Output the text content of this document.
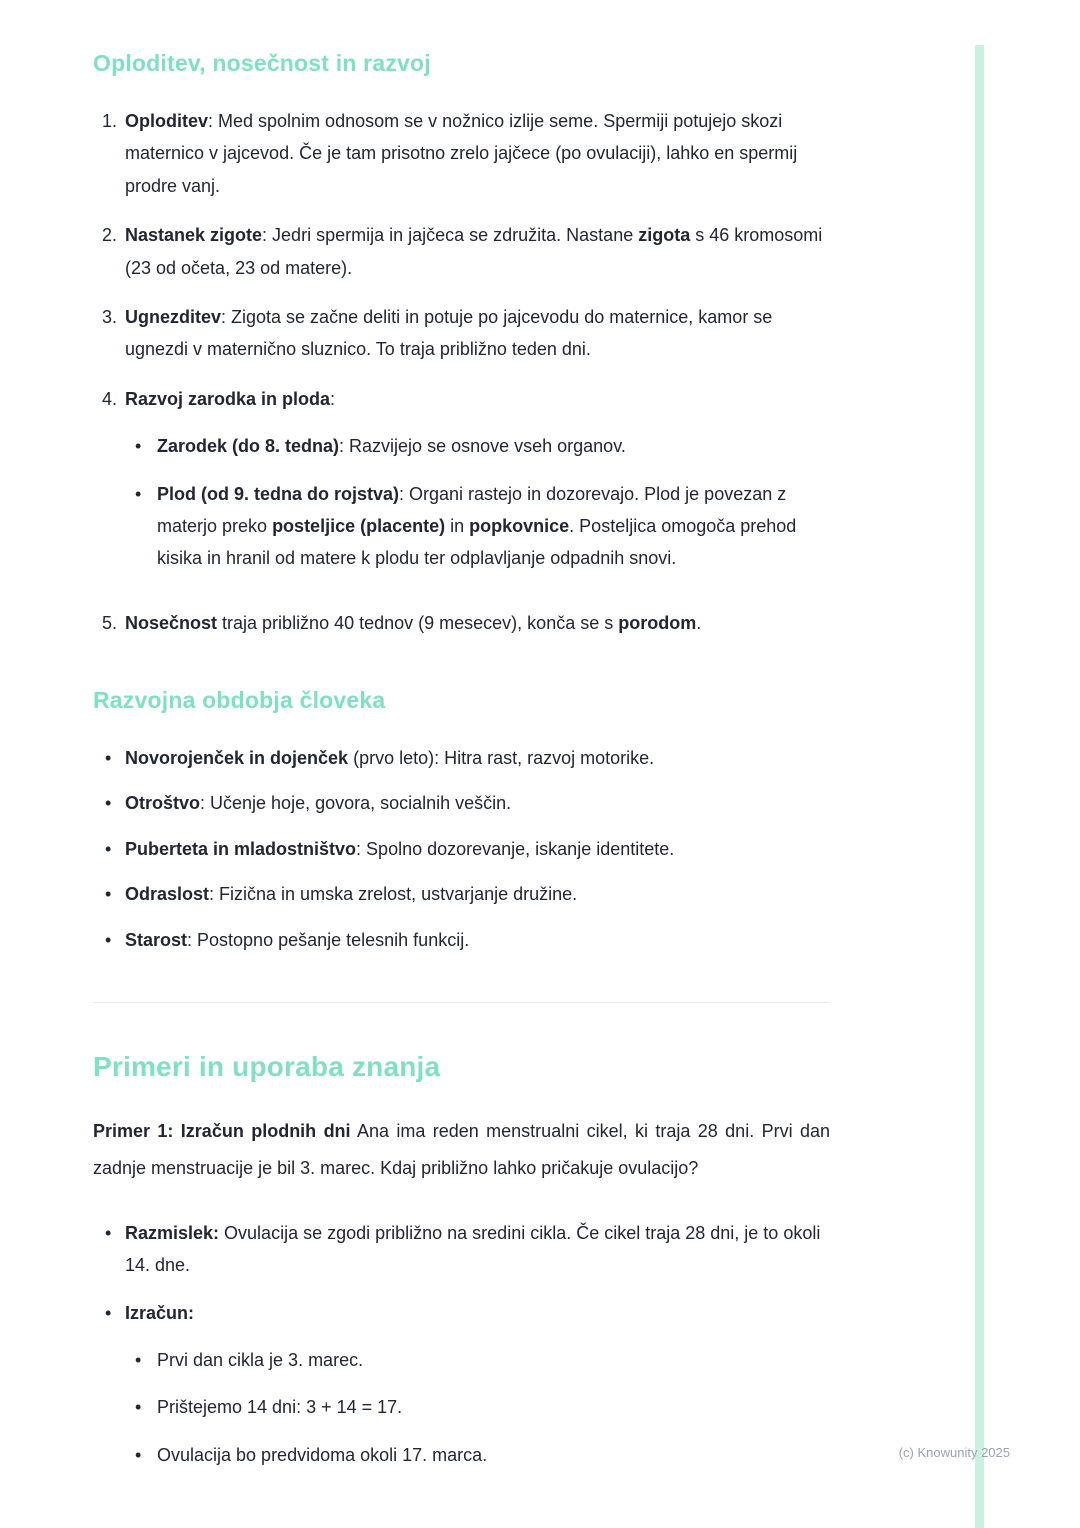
Oploditev, nosečnost in razvoj
1. Oploditev: Med spolnim odnosom se v nožnico izlije seme. Spermiji potujejo skozi maternico v jajcevod. Če je tam prisotno zrelo jajčece (po ovulaciji), lahko en spermij prodre vanj.
2. Nastanek zigote: Jedri spermija in jajčeca se združita. Nastane zigota s 46 kromosomi (23 od očeta, 23 od matere).
3. Ugnezditev: Zigota se začne deliti in potuje po jajcevodu do maternice, kamor se ugnezdi v maternično sluznico. To traja približno teden dni.
4. Razvoj zarodka in ploda:
• Zarodek (do 8. tedna): Razvijejo se osnove vseh organov.
• Plod (od 9. tedna do rojstva): Organi rastejo in dozorevajo. Plod je povezan z materjo preko posteljice (placente) in popkovnice. Posteljica omogoča prehod kisika in hranil od matere k plodu ter odplavljanje odpadnih snovi.
5. Nosečnost traja približno 40 tednov (9 mesecev), konča se s porodom.
Razvojna obdobja človeka
• Novorojenček in dojenček (prvo leto): Hitra rast, razvoj motorike.
• Otroštvo: Učenje hoje, govora, socialnih veščin.
• Puberteta in mladostništvo: Spolno dozorevanje, iskanje identitete.
• Odraslost: Fizična in umska zrelost, ustvarjanje družine.
• Starost: Postopno pešanje telesnih funkcij.
Primeri in uporaba znanja

Primer 1: Izračun plodnih dni Ana ima reden menstrualni cikel, ki traja 28 dni. Prvi dan zadnje menstruacije je bil 3. marec. Kdaj približno lahko pričakuje ovulacijo?

• Razmislek: Ovulacija se zgodi približno na sredini cikla. Če cikel traja 28 dni, je to okoli 14. dne.
• Izračun:
• Prvi dan cikla je 3. marec.
• Prištejemo 14 dni: 3 + 14 = 17.
• Ovulacija bo predvidoma okoli 17. marca.	(c) Knowunity 2025
